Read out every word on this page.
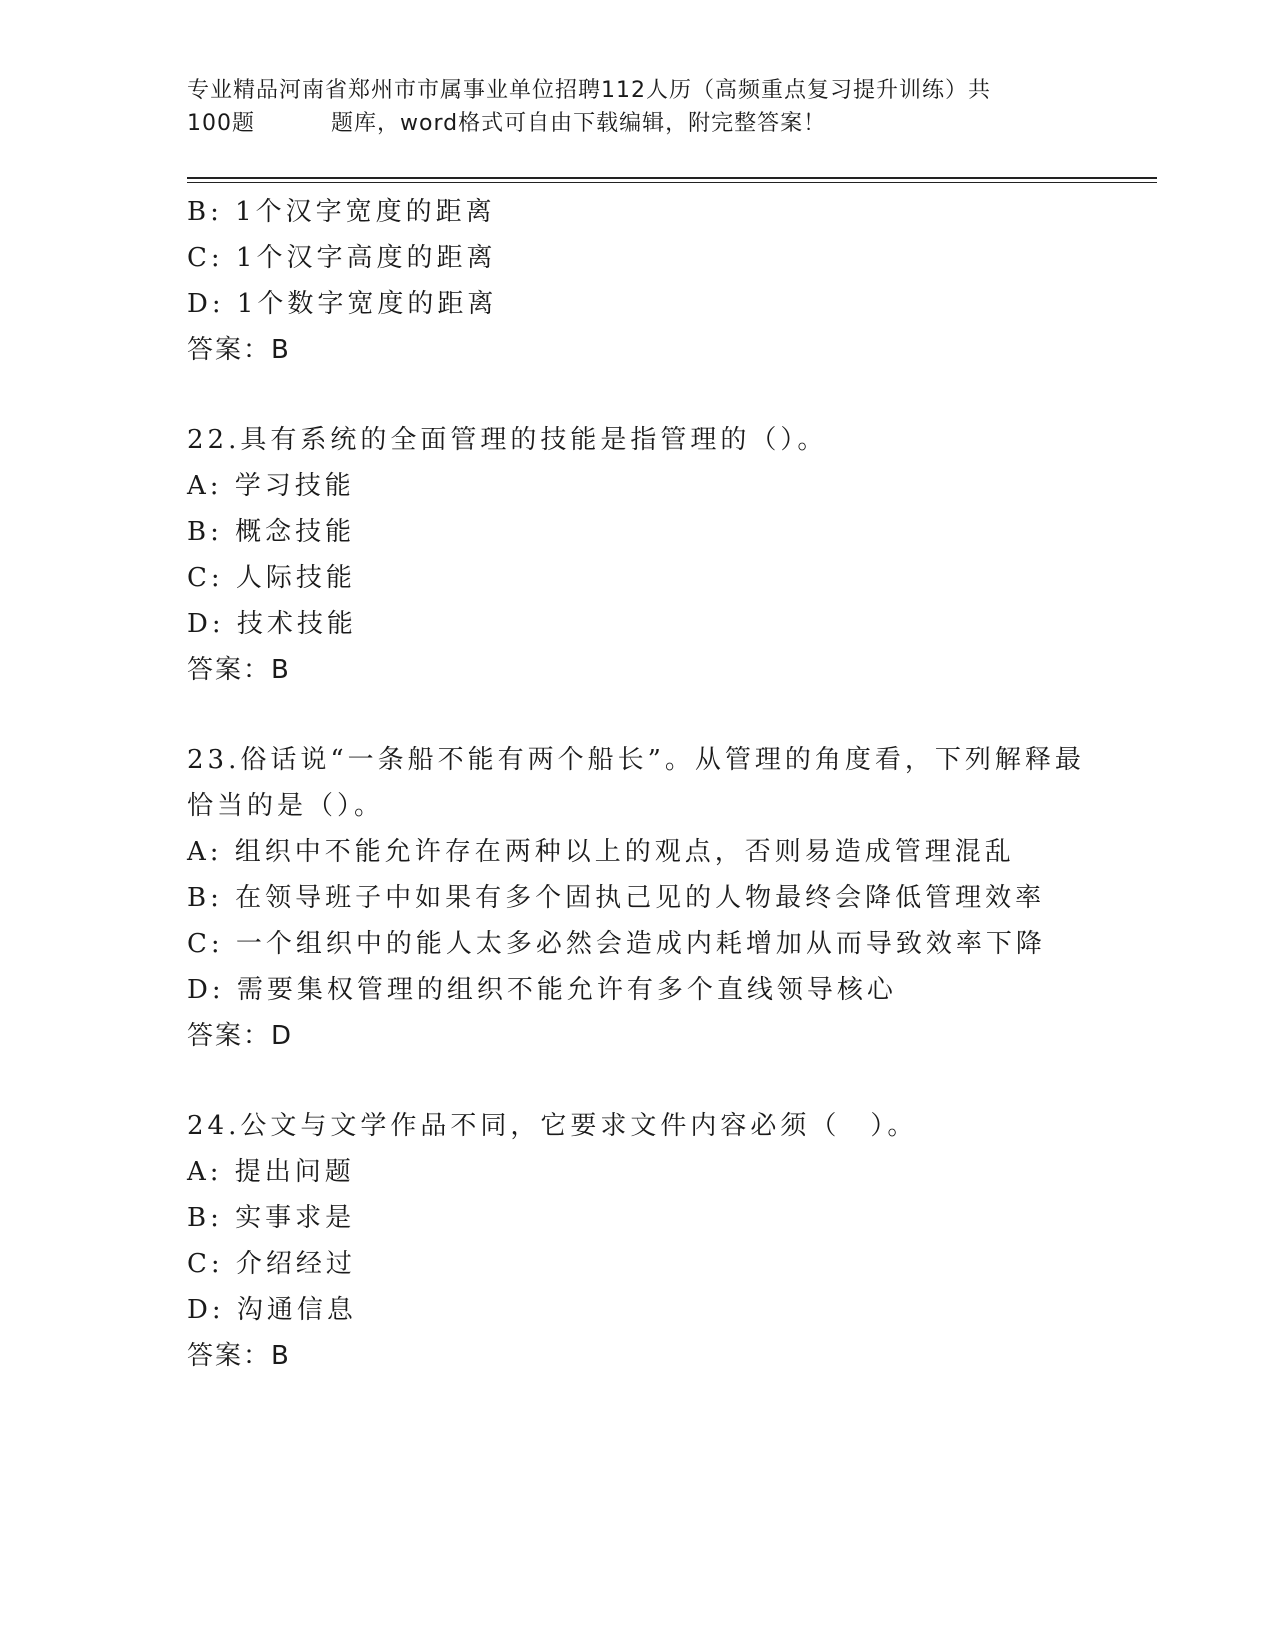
专业精品河南省郑州市市属事业单位招聘112人历（高频重点复习提升训练）共
100题	题库，word格式可自由下载编辑，附完整答案！
B: 1个汉字宽度的距离
C: 1个汉字高度的距离
D: 1个数字宽度的距离
答案：B
22.具有系统的全面管理的技能是指管理的（）。
A: 学习技能
B: 概念技能
C: 人际技能
D: 技术技能
答案：B
23.俗话说“一条船不能有两个船长”。从管理的角度看，下列解释最
恰当的是（）。
A: 组织中不能允许存在两种以上的观点，否则易造成管理混乱
B: 在领导班子中如果有多个固执己见的人物最终会降低管理效率
C: 一个组织中的能人太多必然会造成内耗增加从而导致效率下降
D: 需要集权管理的组织不能允许有多个直线领导核心
答案：D
24.公文与文学作品不同，它要求文件内容必须（　）。
A: 提出问题
B: 实事求是
C: 介绍经过
D: 沟通信息
答案：B
